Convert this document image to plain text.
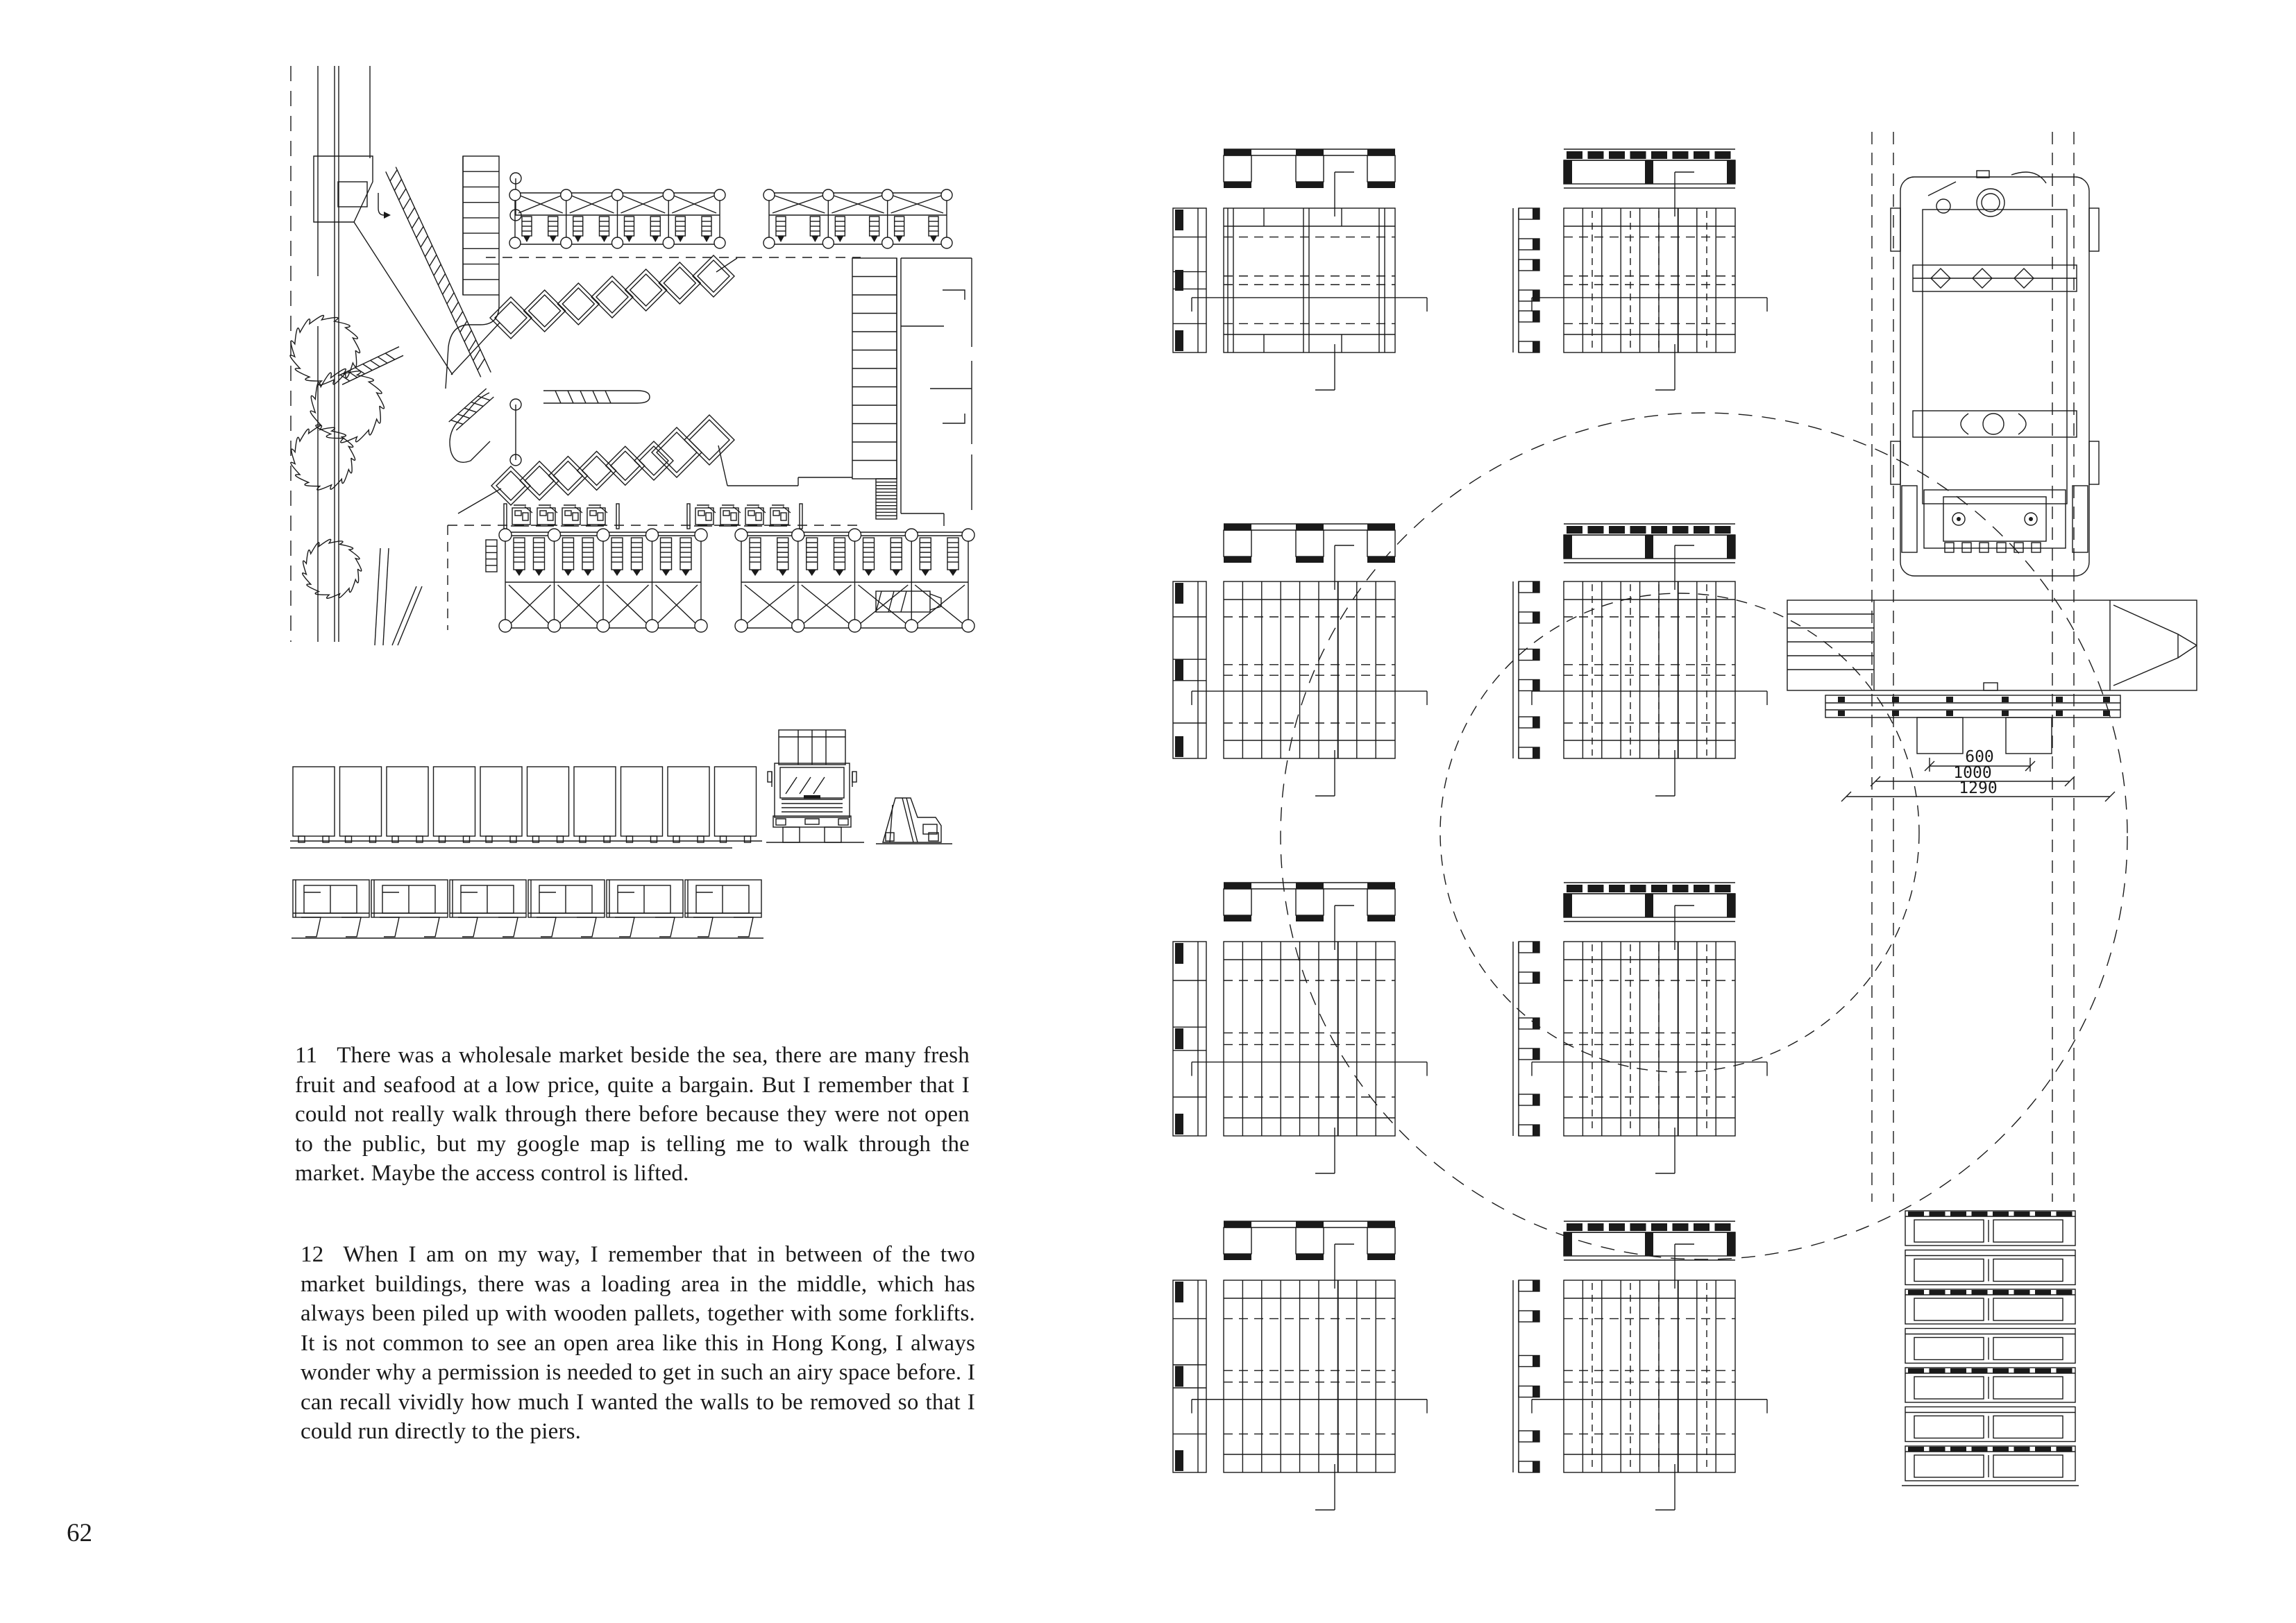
600
1000
1290
11 There was a wholesale market beside the sea, there are many fresh fruit and seafood at a low price, quite a bargain. But I remember that I could not really walk through there before because they were not open to the public, but my google map is telling me to walk through the market. Maybe the access control is lifted.
12 When I am on my way, I remember that in between of the two market buildings, there was a loading area in the middle, which has always been piled up with wooden pallets, together with some forklifts. It is not common to see an open area like this in Hong Kong, I always wonder why a permission is needed to get in such an airy space before. I can recall vividly how much I wanted the walls to be removed so that I could run directly to the piers.
62
